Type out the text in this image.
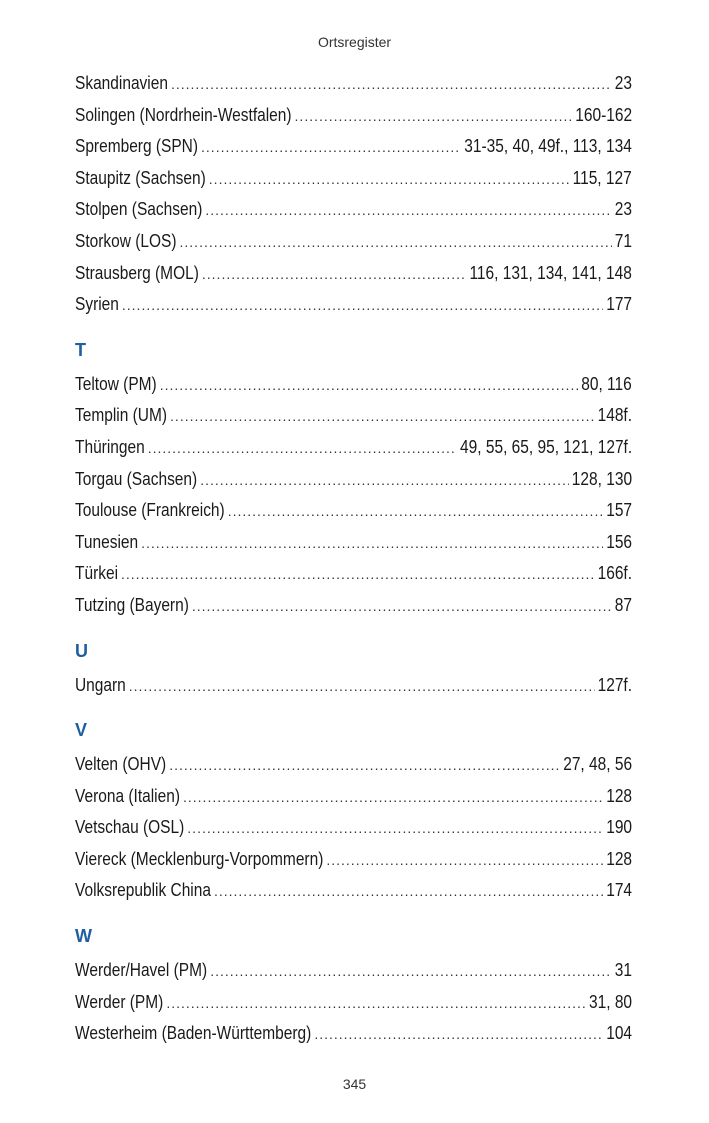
Ortsregister
Skandinavien .....	23
Solingen (Nordrhein-Westfalen) .....	160-162
Spremberg (SPN) .....	31-35, 40, 49f., 113, 134
Staupitz (Sachsen) .....	115, 127
Stolpen (Sachsen) .....	23
Storkow (LOS) .....	71
Strausberg (MOL) .....	116, 131, 134, 141, 148
Syrien .....	177
T
Teltow (PM) .....	80, 116
Templin (UM) .....	148f.
Thüringen .....	49, 55, 65, 95, 121, 127f.
Torgau (Sachsen) .....	128, 130
Toulouse (Frankreich) .....	157
Tunesien .....	156
Türkei .....	166f.
Tutzing (Bayern) .....	87
U
Ungarn .....	127f.
V
Velten (OHV) .....	27, 48, 56
Verona (Italien) .....	128
Vetschau (OSL) .....	190
Viereck (Mecklenburg-Vorpommern) .....	128
Volksrepublik China .....	174
W
Werder/Havel (PM) .....	31
Werder (PM) .....	31, 80
Westerheim (Baden-Württemberg) .....	104
345
